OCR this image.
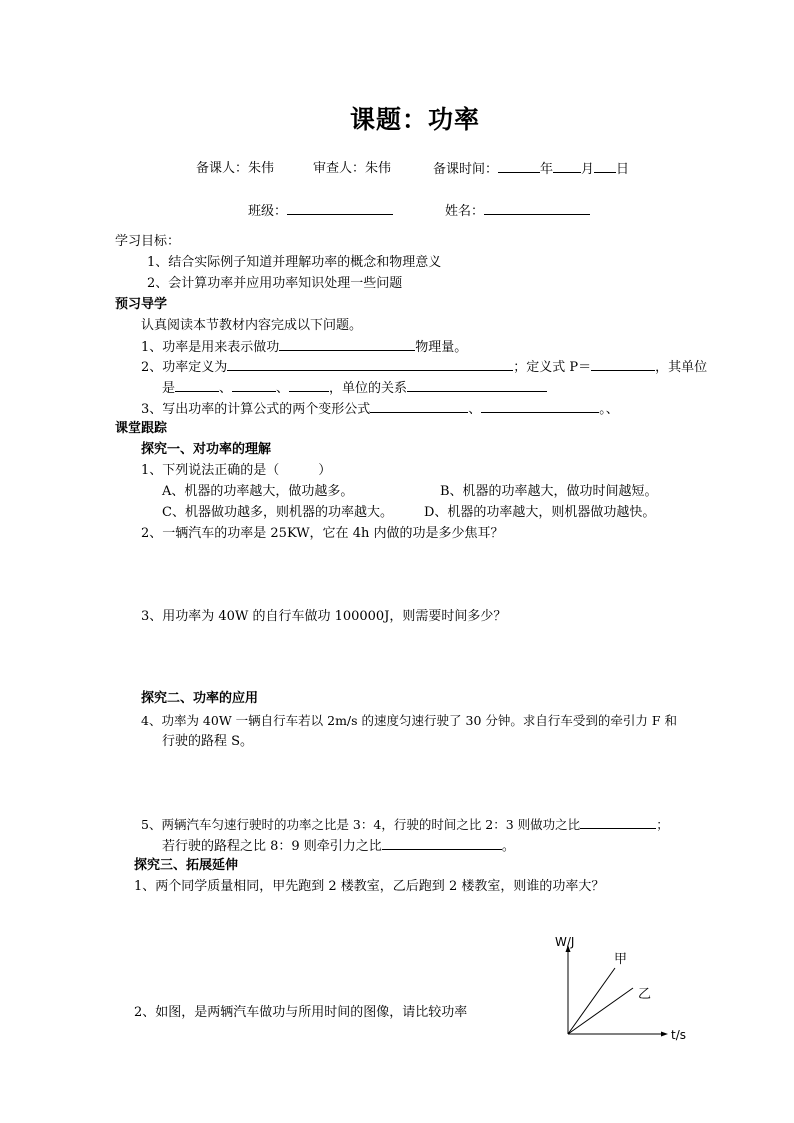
课题：功率
备课人：朱伟	审查人：朱伟	备课时间：	年 月 日
班级：	姓名：
学习目标：
1、结合实际例子知道并理解功率的概念和物理意义
2、会计算功率并应用功率知识处理一些问题
预习导学
认真阅读本节教材内容完成以下问题。
1、功率是用来表示做功	物理量。
2、功率定义为	；定义式 P＝	，其单位
是	、	、	，单位的关系
3、写出功率的计算公式的两个变形公式	、	。、
课堂跟踪
探究一、对功率的理解
1、下列说法正确的是（　　　）
A、机器的功率越大，做功越多。	B、机器的功率越大，做功时间越短。
C、机器做功越多，则机器的功率越大。 D、机器的功率越大，则机器做功越快。
2、一辆汽车的功率是 25KW，它在 4h 内做的功是多少焦耳？
3、用功率为 40W 的自行车做功 100000J，则需要时间多少？
探究二、功率的应用
4、功率为 40W 一辆自行车若以 2m/s 的速度匀速行驶了 30 分钟。求自行车受到的牵引力 F 和
行驶的路程 S。
5、两辆汽车匀速行驶时的功率之比是 3：4，行驶的时间之比 2：3 则做功之比	；
若行驶的路程之比 8：9 则牵引力之比	。
探究三、拓展延伸
1、两个同学质量相同，甲先跑到 2 楼教室，乙后跑到 2 楼教室，则谁的功率大？
2、如图，是两辆汽车做功与所用时间的图像，请比较功率
W/J
t/s
甲
乙
